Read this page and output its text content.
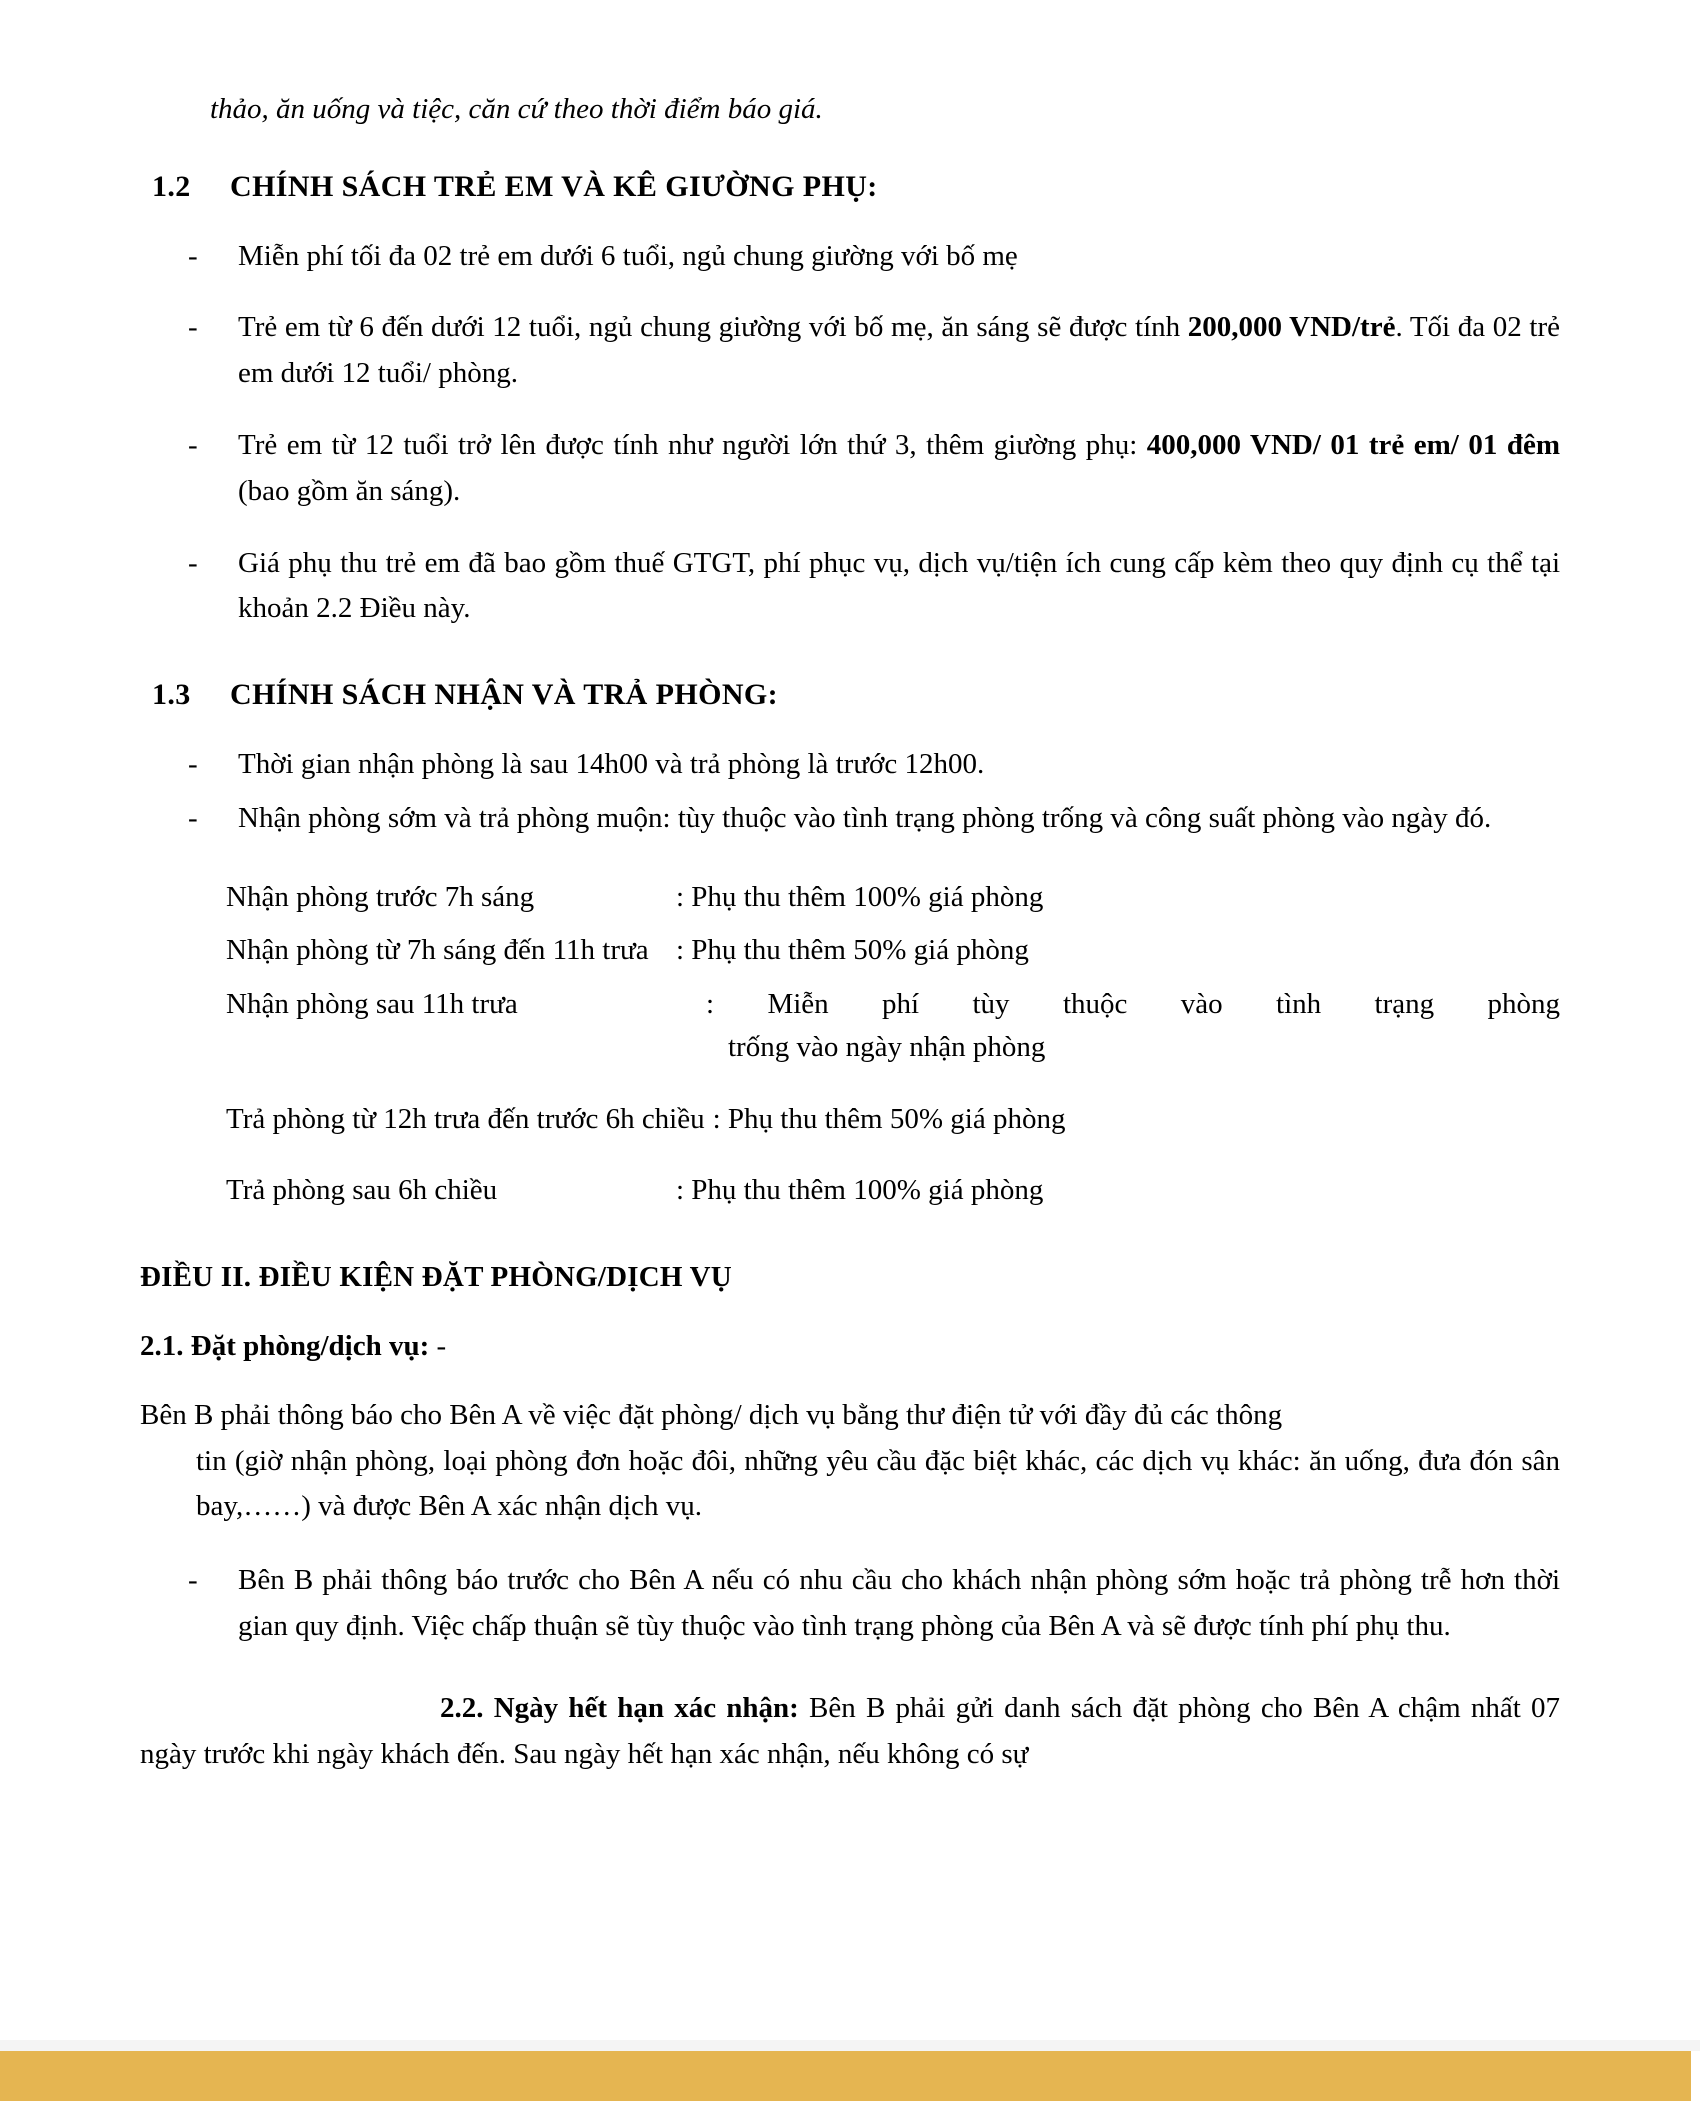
thảo, ăn uống và tiệc, căn cứ theo thời điểm báo giá.

1.2	CHÍNH SÁCH TRẺ EM VÀ KÊ GIƯỜNG PHỤ:
- Miễn phí tối đa 02 trẻ em dưới 6 tuổi, ngủ chung giường với bố mẹ
- Trẻ em từ 6 đến dưới 12 tuổi, ngủ chung giường với bố mẹ, ăn sáng sẽ được tính 200,000 VND/trẻ. Tối đa 02 trẻ em dưới 12 tuổi/ phòng.
- Trẻ em từ 12 tuổi trở lên được tính như người lớn thứ 3, thêm giường phụ: 400,000 VND/ 01 trẻ em/ 01 đêm (bao gồm ăn sáng).
- Giá phụ thu trẻ em đã bao gồm thuế GTGT, phí phục vụ, dịch vụ/tiện ích cung cấp kèm theo quy định cụ thể tại khoản 2.2 Điều này.
1.3	CHÍNH SÁCH NHẬN VÀ TRẢ PHÒNG:
- Thời gian nhận phòng là sau 14h00 và trả phòng là trước 12h00.
- Nhận phòng sớm và trả phòng muộn: tùy thuộc vào tình trạng phòng trống và công suất phòng vào ngày đó.
Nhận phòng trước 7h sáng	: Phụ thu thêm 100% giá phòng
Nhận phòng từ 7h sáng đến 11h trưa : Phụ thu thêm 50% giá phòng
Nhận phòng sau 11h trưa	: Miễn phí tùy thuộc vào tình trạng phòng
trống vào ngày nhận phòng
Trả phòng từ 12h trưa đến trước 6h chiều : Phụ thu thêm 50% giá phòng
Trả phòng sau 6h chiều	: Phụ thu thêm 100% giá phòng

ĐIỀU II. ĐIỀU KIỆN ĐẶT PHÒNG/DỊCH VỤ

2.1. Đặt phòng/dịch vụ: -

Bên B phải thông báo cho Bên A về việc đặt phòng/ dịch vụ bằng thư điện tử với đầy đủ các thông
tin (giờ nhận phòng, loại phòng đơn hoặc đôi, những yêu cầu đặc biệt khác, các dịch vụ khác: ăn uống, đưa đón sân bay,……) và được Bên A xác nhận dịch vụ.

- Bên B phải thông báo trước cho Bên A nếu có nhu cầu cho khách nhận phòng sớm hoặc trả phòng trễ hơn thời gian quy định. Việc chấp thuận sẽ tùy thuộc vào tình trạng phòng của Bên A và sẽ được tính phí phụ thu.

2.2. Ngày hết hạn xác nhận: Bên B phải gửi danh sách đặt phòng cho Bên A chậm nhất 07 ngày trước khi ngày khách đến. Sau ngày hết hạn xác nhận, nếu không có sự
